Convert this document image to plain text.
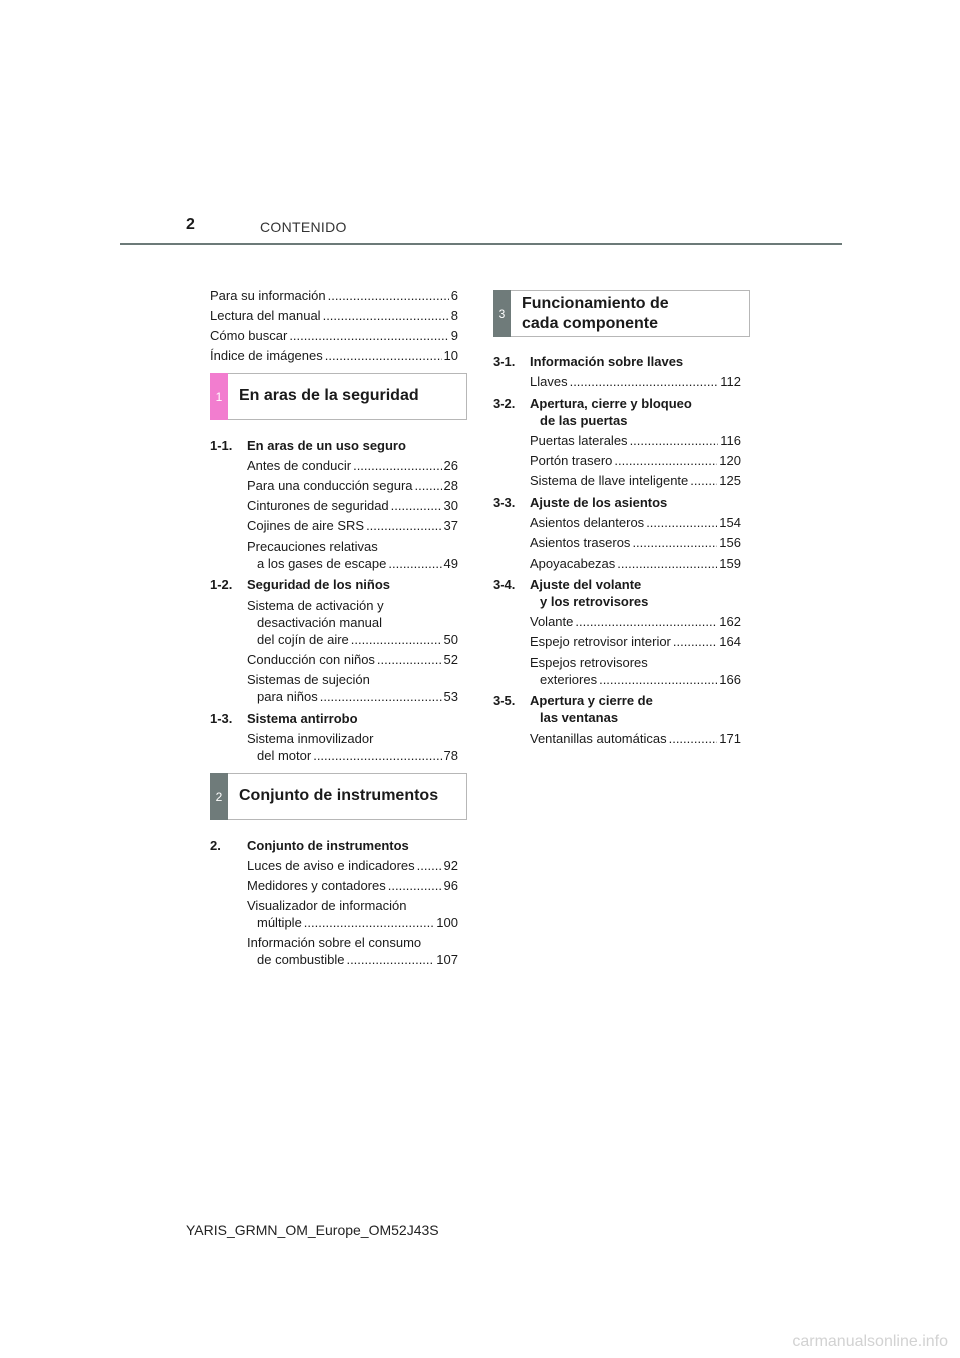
2	CONTENIDO
Para su información .....	6
Lectura del manual .....	8
Cómo buscar .....	9
Índice de imágenes .....	10
1	En aras de la seguridad
1-1. En aras de un uso seguro
Antes de conducir .....	26
Para una conducción segura ..... 28
Cinturones de seguridad .....	30
Cojines de aire SRS .....	37
Precauciones relativas
a los gases de escape .....	49
1-2. Seguridad de los niños
Sistema de activación y
desactivación manual
del cojín de aire .....	50
Conducción con niños .....	52
Sistemas de sujeción
para niños .....	53
1-3. Sistema antirrobo
Sistema inmovilizador
del motor .....	78
2	Conjunto de instrumentos
2. Conjunto de instrumentos
Luces de aviso e indicadores ..... 92
Medidores y contadores .....	96
Visualizador de información
múltiple .....	100
Información sobre el consumo
de combustible .....	107
3
Funcionamiento de
cada componente
3-1. Información sobre llaves
Llaves .....	112
3-2. Apertura, cierre y bloqueo
de las puertas
Puertas laterales .....	116
Portón trasero .....	120
Sistema de llave inteligente ..... 125
3-3. Ajuste de los asientos
Asientos delanteros .....	154
Asientos traseros .....	156
Apoyacabezas .....	159
3-4. Ajuste del volante
y los retrovisores
Volante .....	162
Espejo retrovisor interior .....	164
Espejos retrovisores
exteriores .....	166
3-5. Apertura y cierre de
las ventanas
Ventanillas automáticas .....	171
YARIS_GRMN_OM_Europe_OM52J43S
carmanualsonline.info
